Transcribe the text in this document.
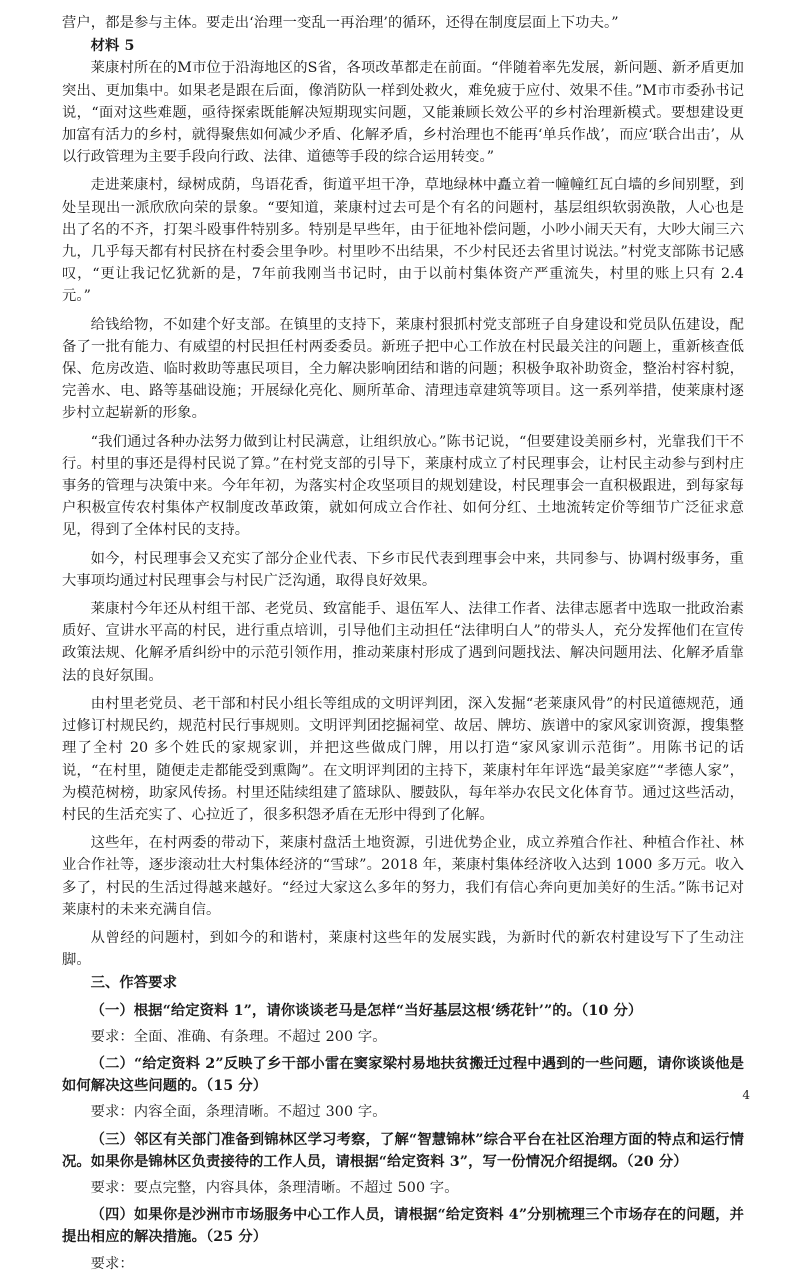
营户，都是参与主体。要走出‘治理一变乱一再治理’的循环，还得在制度层面上下功夫。”

材料 5

莱康村所在的M市位于沿海地区的S省，各项改革都走在前面。“伴随着率先发展，新问题、新矛盾更加突出、更加集中。如果老是跟在后面，像消防队一样到处救火，难免疲于应付、效果不佳。”M市市委孙书记说，“面对这些难题，亟待探索既能解决短期现实问题，又能兼顾长效公平的乡村治理新模式。要想建设更加富有活力的乡村，就得聚焦如何减少矛盾、化解矛盾，乡村治理也不能再‘单兵作战’，而应‘联合出击’，从以行政管理为主要手段向行政、法律、道德等手段的综合运用转变。”

走进莱康村，绿树成荫，鸟语花香，街道平坦干净，草地绿林中矗立着一幢幢红瓦白墙的乡间别墅，到处呈现出一派欣欣向荣的景象。“要知道，莱康村过去可是个有名的问题村，基层组织软弱涣散，人心也是出了名的不齐，打架斗殴事件特别多。特别是早些年，由于征地补偿问题，小吵小闹天天有，大吵大闹三六九，几乎每天都有村民挤在村委会里争吵。村里吵不出结果，不少村民还去省里讨说法。”村党支部陈书记感叹，“更让我记忆犹新的是，7年前我刚当书记时，由于以前村集体资产严重流失，村里的账上只有 2.4 元。”

给钱给物，不如建个好支部。在镇里的支持下，莱康村狠抓村党支部班子自身建设和党员队伍建设，配备了一批有能力、有威望的村民担任村两委委员。新班子把中心工作放在村民最关注的问题上，重新核查低保、危房改造、临时救助等惠民项目，全力解决影响团结和谐的问题；积极争取补助资金，整治村容村貌，完善水、电、路等基础设施；开展绿化亮化、厕所革命、清理违章建筑等项目。这一系列举措，使莱康村逐步村立起崭新的形象。

“我们通过各种办法努力做到让村民满意，让组织放心。”陈书记说，“但要建设美丽乡村，光靠我们干不行。村里的事还是得村民说了算。”在村党支部的引导下，莱康村成立了村民理事会，让村民主动参与到村庄事务的管理与决策中来。今年年初，为落实村企攻坚项目的规划建设，村民理事会一直积极跟进，到每家每户积极宣传农村集体产权制度改革政策，就如何成立合作社、如何分红、土地流转定价等细节广泛征求意见，得到了全体村民的支持。

如今，村民理事会又充实了部分企业代表、下乡市民代表到理事会中来，共同参与、协调村级事务，重大事项均通过村民理事会与村民广泛沟通，取得良好效果。

莱康村今年还从村组干部、老党员、致富能手、退伍军人、法律工作者、法律志愿者中选取一批政治素质好、宣讲水平高的村民，进行重点培训，引导他们主动担任“法律明白人”的带头人，充分发挥他们在宣传政策法规、化解矛盾纠纷中的示范引领作用，推动莱康村形成了遇到问题找法、解决问题用法、化解矛盾靠法的良好氛围。

由村里老党员、老干部和村民小组长等组成的文明评判团，深入发掘“老莱康风骨”的村民道德规范，通过修订村规民约，规范村民行事规则。文明评判团挖掘祠堂、故居、牌坊、族谱中的家风家训资源，搜集整理了全村 20 多个姓氏的家规家训，并把这些做成门牌，用以打造“家风家训示范街”。用陈书记的话说，“在村里，随便走走都能受到熏陶”。在文明评判团的主持下，莱康村年年评选“最美家庭”“孝德人家”，为模范树榜，助家风传扬。村里还陆续组建了篮球队、腰鼓队，每年举办农民文化体育节。通过这些活动，村民的生活充实了、心拉近了，很多积怨矛盾在无形中得到了化解。

这些年，在村两委的带动下，莱康村盘活土地资源，引进优势企业，成立养殖合作社、种植合作社、林业合作社等，逐步滚动壮大村集体经济的“雪球”。2018 年，莱康村集体经济收入达到 1000 多万元。收入多了，村民的生活过得越来越好。“经过大家这么多年的努力，我们有信心奔向更加美好的生活。”陈书记对莱康村的未来充满自信。

从曾经的问题村，到如今的和谐村，莱康村这些年的发展实践，为新时代的新农村建设写下了生动注脚。

三、作答要求

（一）根据“给定资料 1”，请你谈谈老马是怎样“当好基层这根‘绣花针’”的。（10 分）

要求：全面、准确、有条理。不超过 200 字。

（二）“给定资料 2”反映了乡干部小雷在窦家梁村易地扶贫搬迁过程中遇到的一些问题，请你谈谈他是如何解决这些问题的。（15 分）

要求：内容全面，条理清晰。不超过 300 字。

（三）邻区有关部门准备到锦林区学习考察，了解“智慧锦林”综合平台在社区治理方面的特点和运行情况。如果你是锦林区负责接待的工作人员，请根据“给定资料 3”，写一份情况介绍提纲。（20 分）

要求：要点完整，内容具体，条理清晰。不超过 500 字。

（四）如果你是沙洲市市场服务中心工作人员，请根据“给定资料 4”分别梳理三个市场存在的问题，并提出相应的解决措施。（25 分）

要求：

4
